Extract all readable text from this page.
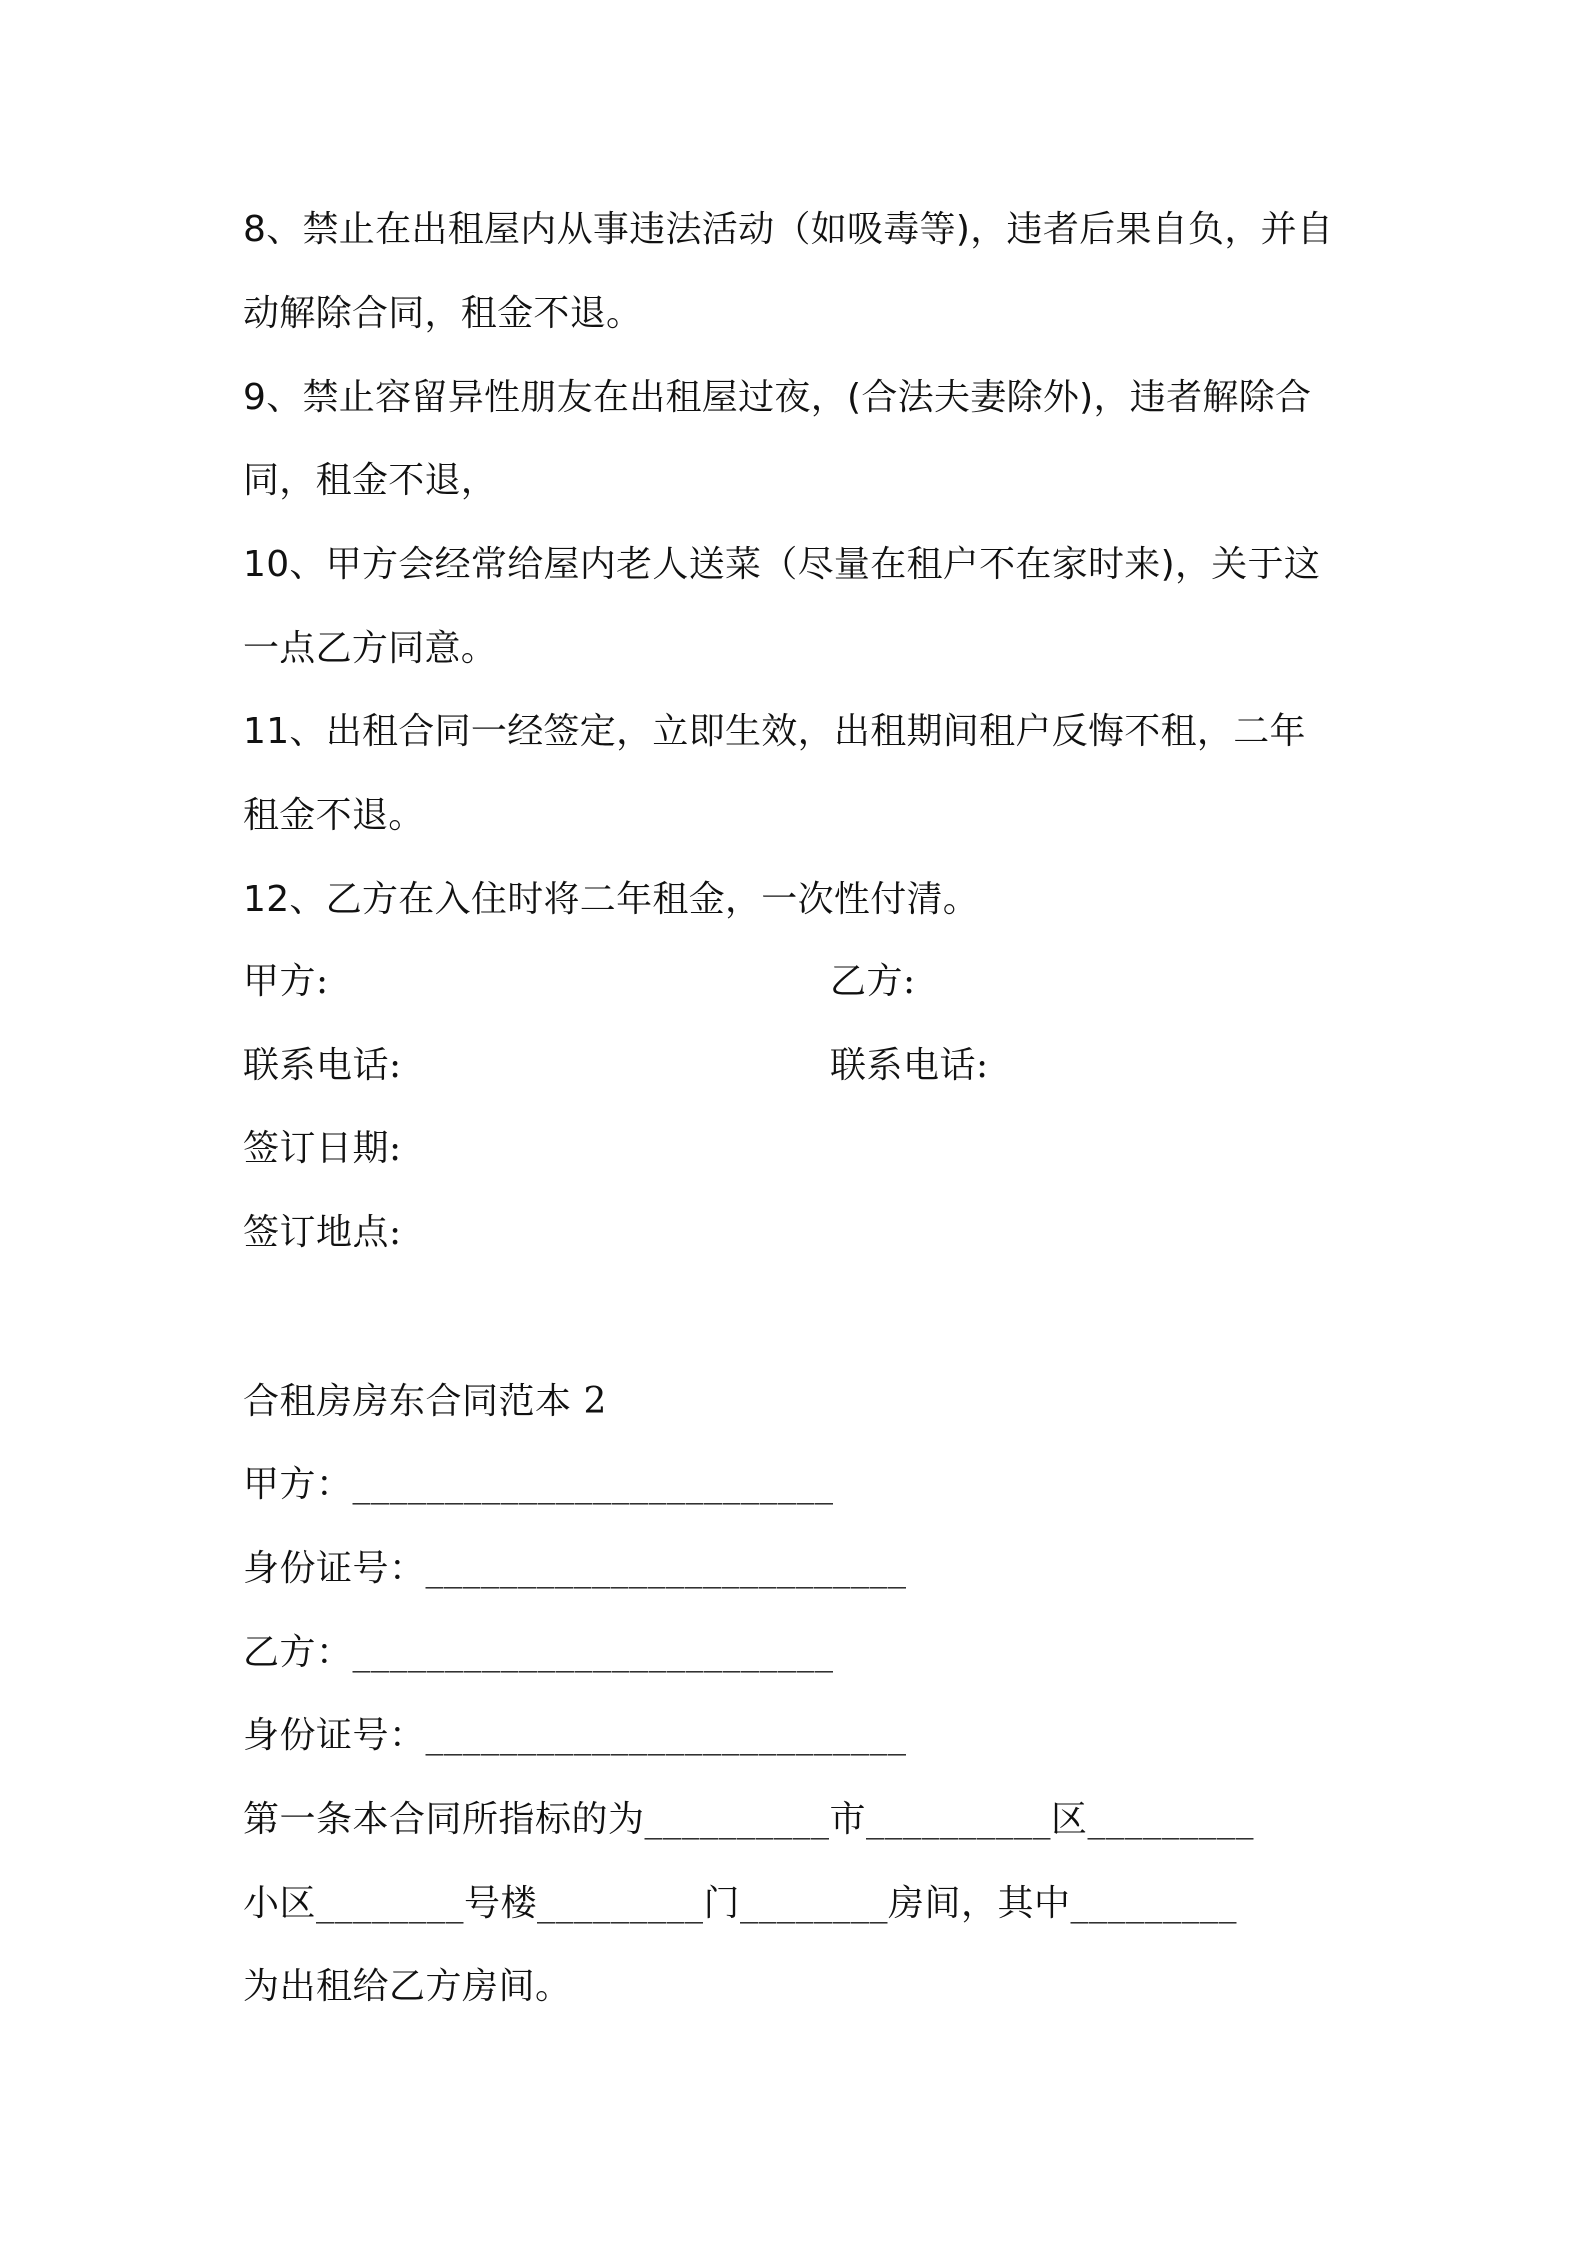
8、禁止在出租屋内从事违法活动（如吸毒等)，违者后果自负，并自
动解除合同，租金不退。
9、禁止容留异性朋友在出租屋过夜，(合法夫妻除外)，违者解除合
同，租金不退，
10、甲方会经常给屋内老人送菜（尽量在租户不在家时来)，关于这
一点乙方同意。
11、出租合同一经签定，立即生效，出租期间租户反悔不租，二年
租金不退。
12、乙方在入住时将二年租金，一次性付清。
甲方:	乙方:
联系电话:	联系电话:
签订日期:
签订地点:
合租房房东合同范本 2
甲方：__________________________
身份证号：__________________________
乙方：__________________________
身份证号：__________________________
第一条本合同所指标的为__________市__________区_________
小区________号楼_________门________房间，其中_________
为出租给乙方房间。
